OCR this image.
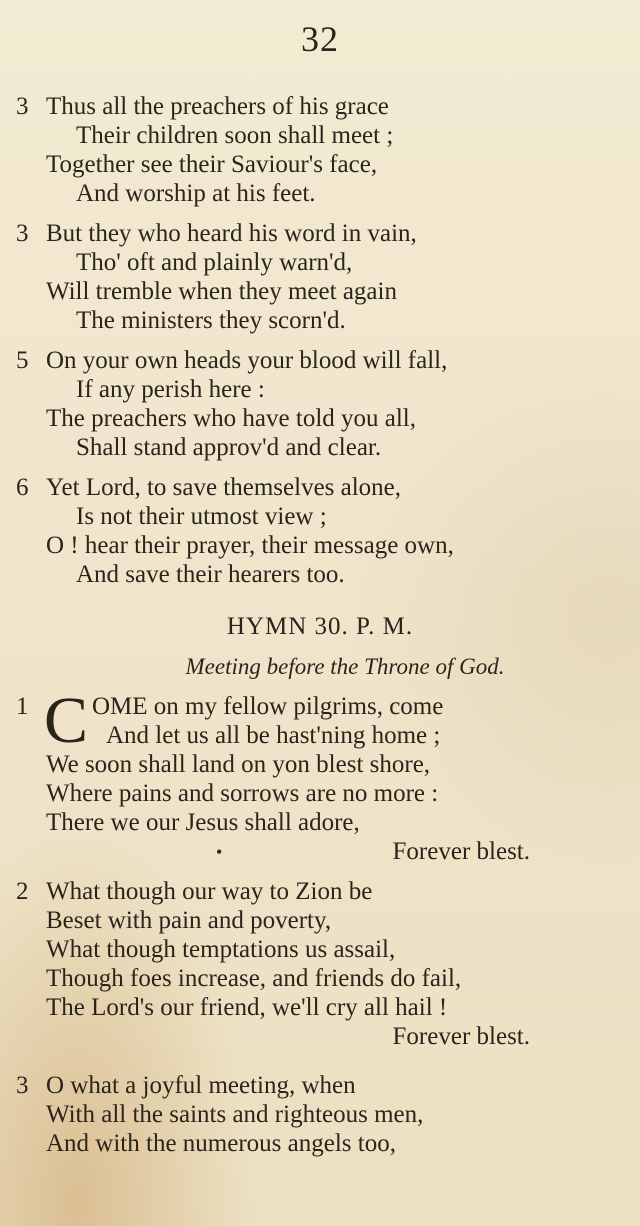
32
3 Thus all the preachers of his grace
Their children soon shall meet ;
Together see their Saviour's face,
And worship at his feet.
3 But they who heard his word in vain,
Tho' oft and plainly warn'd,
Will tremble when they meet again
The ministers they scorn'd.
5 On your own heads your blood will fall,
If any perish here :
The preachers who have told you all,
Shall stand approv'd and clear.
6 Yet Lord, to save themselves alone,
Is not their utmost view ;
O ! hear their prayer, their message own,
And save their hearers too.
HYMN 30. P. M.
Meeting before the Throne of God.
1 C OME on my fellow pilgrims, come
And let us all be hast'ning home ;
We soon shall land on yon blest shore,
Where pains and sorrows are no more :
There we our Jesus shall adore,
•	Forever blest.
2 What though our way to Zion be
Beset with pain and poverty,
What though temptations us assail,
Though foes increase, and friends do fail,
The Lord's our friend, we'll cry all hail !
Forever blest.
3 O what a joyful meeting, when
With all the saints and righteous men,
And with the numerous angels too,
